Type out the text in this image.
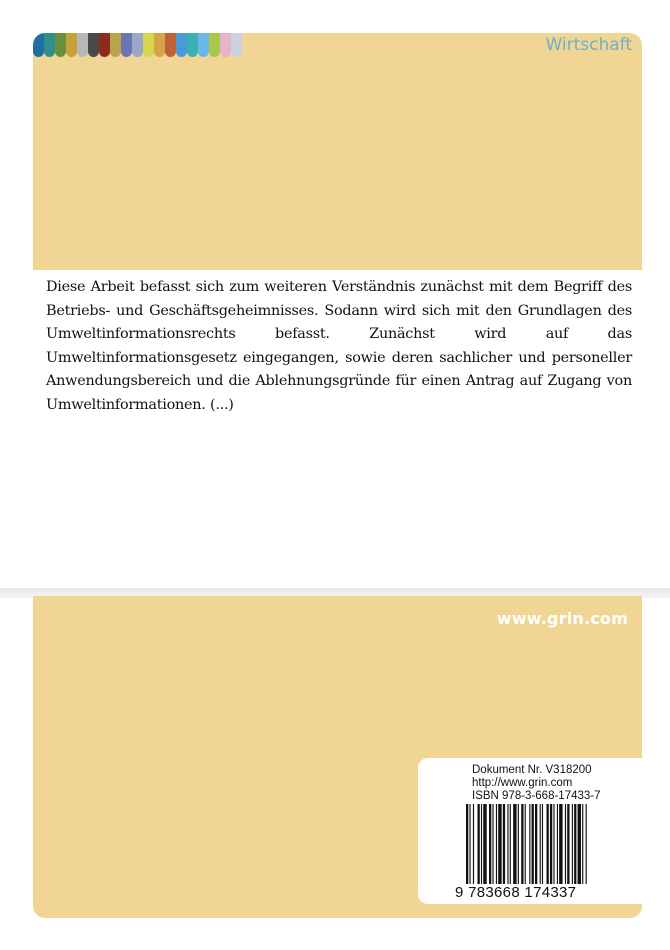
Wirtschaft

Diese Arbeit befasst sich zum weiteren Verständnis zunächst mit dem Begriff des Betriebs- und Geschäftsgeheimnisses. Sodann wird sich mit den Grundlagen des Umweltinformationsrechts befasst. Zunächst wird auf das Umweltinformationsgesetz eingegangen, sowie deren sachlicher und personeller Anwendungsbereich und die Ablehnungsgründe für einen Antrag auf Zugang von Umweltinformationen. (...)

www.grin.com
Dokument Nr. V318200
http://www.grin.com
ISBN 978-3-668-17433-7
9 783668 174337
